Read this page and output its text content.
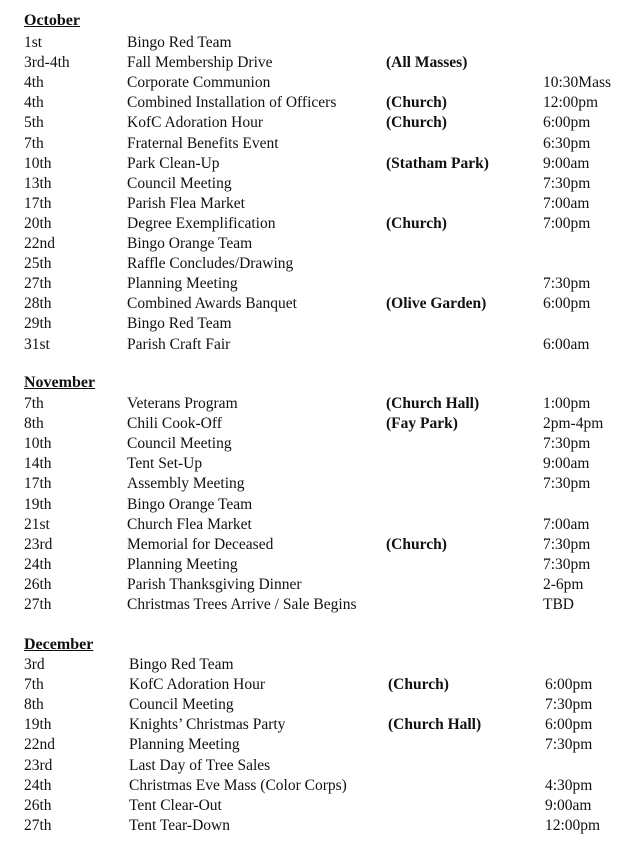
October
1st	Bingo Red Team
3rd-4th	Fall Membership Drive	(All Masses)
4th	Corporate Communion	10:30Mass
4th	Combined Installation of Officers	(Church)	12:00pm
5th	KofC Adoration Hour	(Church)	6:00pm
7th	Fraternal Benefits Event	6:30pm
10th	Park Clean-Up	(Statham Park)	9:00am
13th	Council Meeting	7:30pm
17th	Parish Flea Market	7:00am
20th	Degree Exemplification	(Church)	7:00pm
22nd	Bingo Orange Team
25th	Raffle Concludes/Drawing
27th	Planning Meeting	7:30pm
28th	Combined Awards Banquet	(Olive Garden)	6:00pm
29th	Bingo Red Team
31st	Parish Craft Fair	6:00am
November
7th	Veterans Program	(Church Hall)	1:00pm
8th	Chili Cook-Off	(Fay Park)	2pm-4pm
10th	Council Meeting	7:30pm
14th	Tent Set-Up	9:00am
17th	Assembly Meeting	7:30pm
19th	Bingo Orange Team
21st	Church Flea Market	7:00am
23rd	Memorial for Deceased	(Church)	7:30pm
24th	Planning Meeting	7:30pm
26th	Parish Thanksgiving Dinner	2-6pm
27th	Christmas Trees Arrive / Sale Begins	TBD
December
3rd	Bingo Red Team
7th	KofC Adoration Hour	(Church)	6:00pm
8th	Council Meeting	7:30pm
19th	Knights’ Christmas Party	(Church Hall)	6:00pm
22nd	Planning Meeting	7:30pm
23rd	Last Day of Tree Sales
24th	Christmas Eve Mass (Color Corps)	4:30pm
26th	Tent Clear-Out	9:00am
27th	Tent Tear-Down	12:00pm
